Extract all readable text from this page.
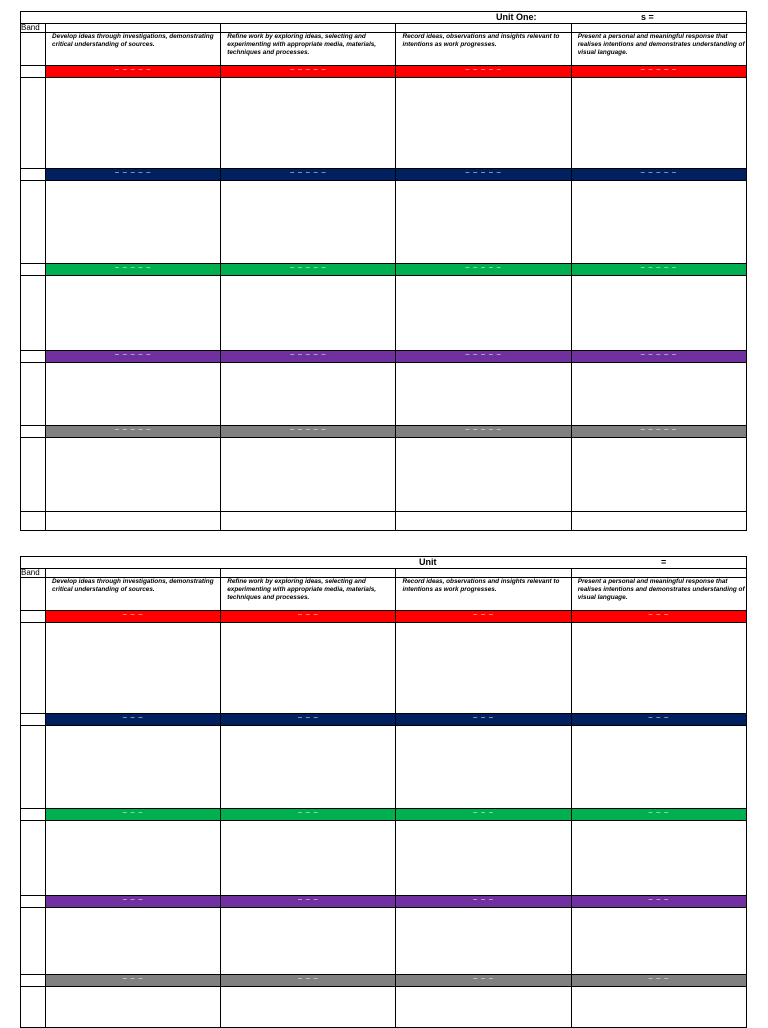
Unit One: s =				

Band				

	Develop ideas through investigations, demonstrating critical understanding of sources.	Refine work by exploring ideas, selecting and experimenting with appropriate media, materials, techniques and processes.	Record ideas, observations and insights relevant to intentions as work progresses.	Present a personal and meaningful response that realises intentions and demonstrates understanding of visual language.

	– – – – –	– – – – –	– – – – –	– – – – –

	– – – – –	– – – – –	– – – – –	– – – – –

	– – – – –	– – – – –	– – – – –	– – – – –

	– – – – –	– – – – –	– – – – –	– – – – –

	– – – – –	– – – – –	– – – – –	– – – – –

Unit =				

Band				

	Develop ideas through investigations, demonstrating critical understanding of sources.	Refine work by exploring ideas, selecting and experimenting with appropriate media, materials, techniques and processes.	Record ideas, observations and insights relevant to intentions as work progresses.	Present a personal and meaningful response that realises intentions and demonstrates understanding of visual language.

	– – –	– – –	– – –	– – –

	– – –	– – –	– – –	– – –

	– – –	– – –	– – –	– – –

	– – –	– – –	– – –	– – –

	– – –	– – –	– – –	– – –
